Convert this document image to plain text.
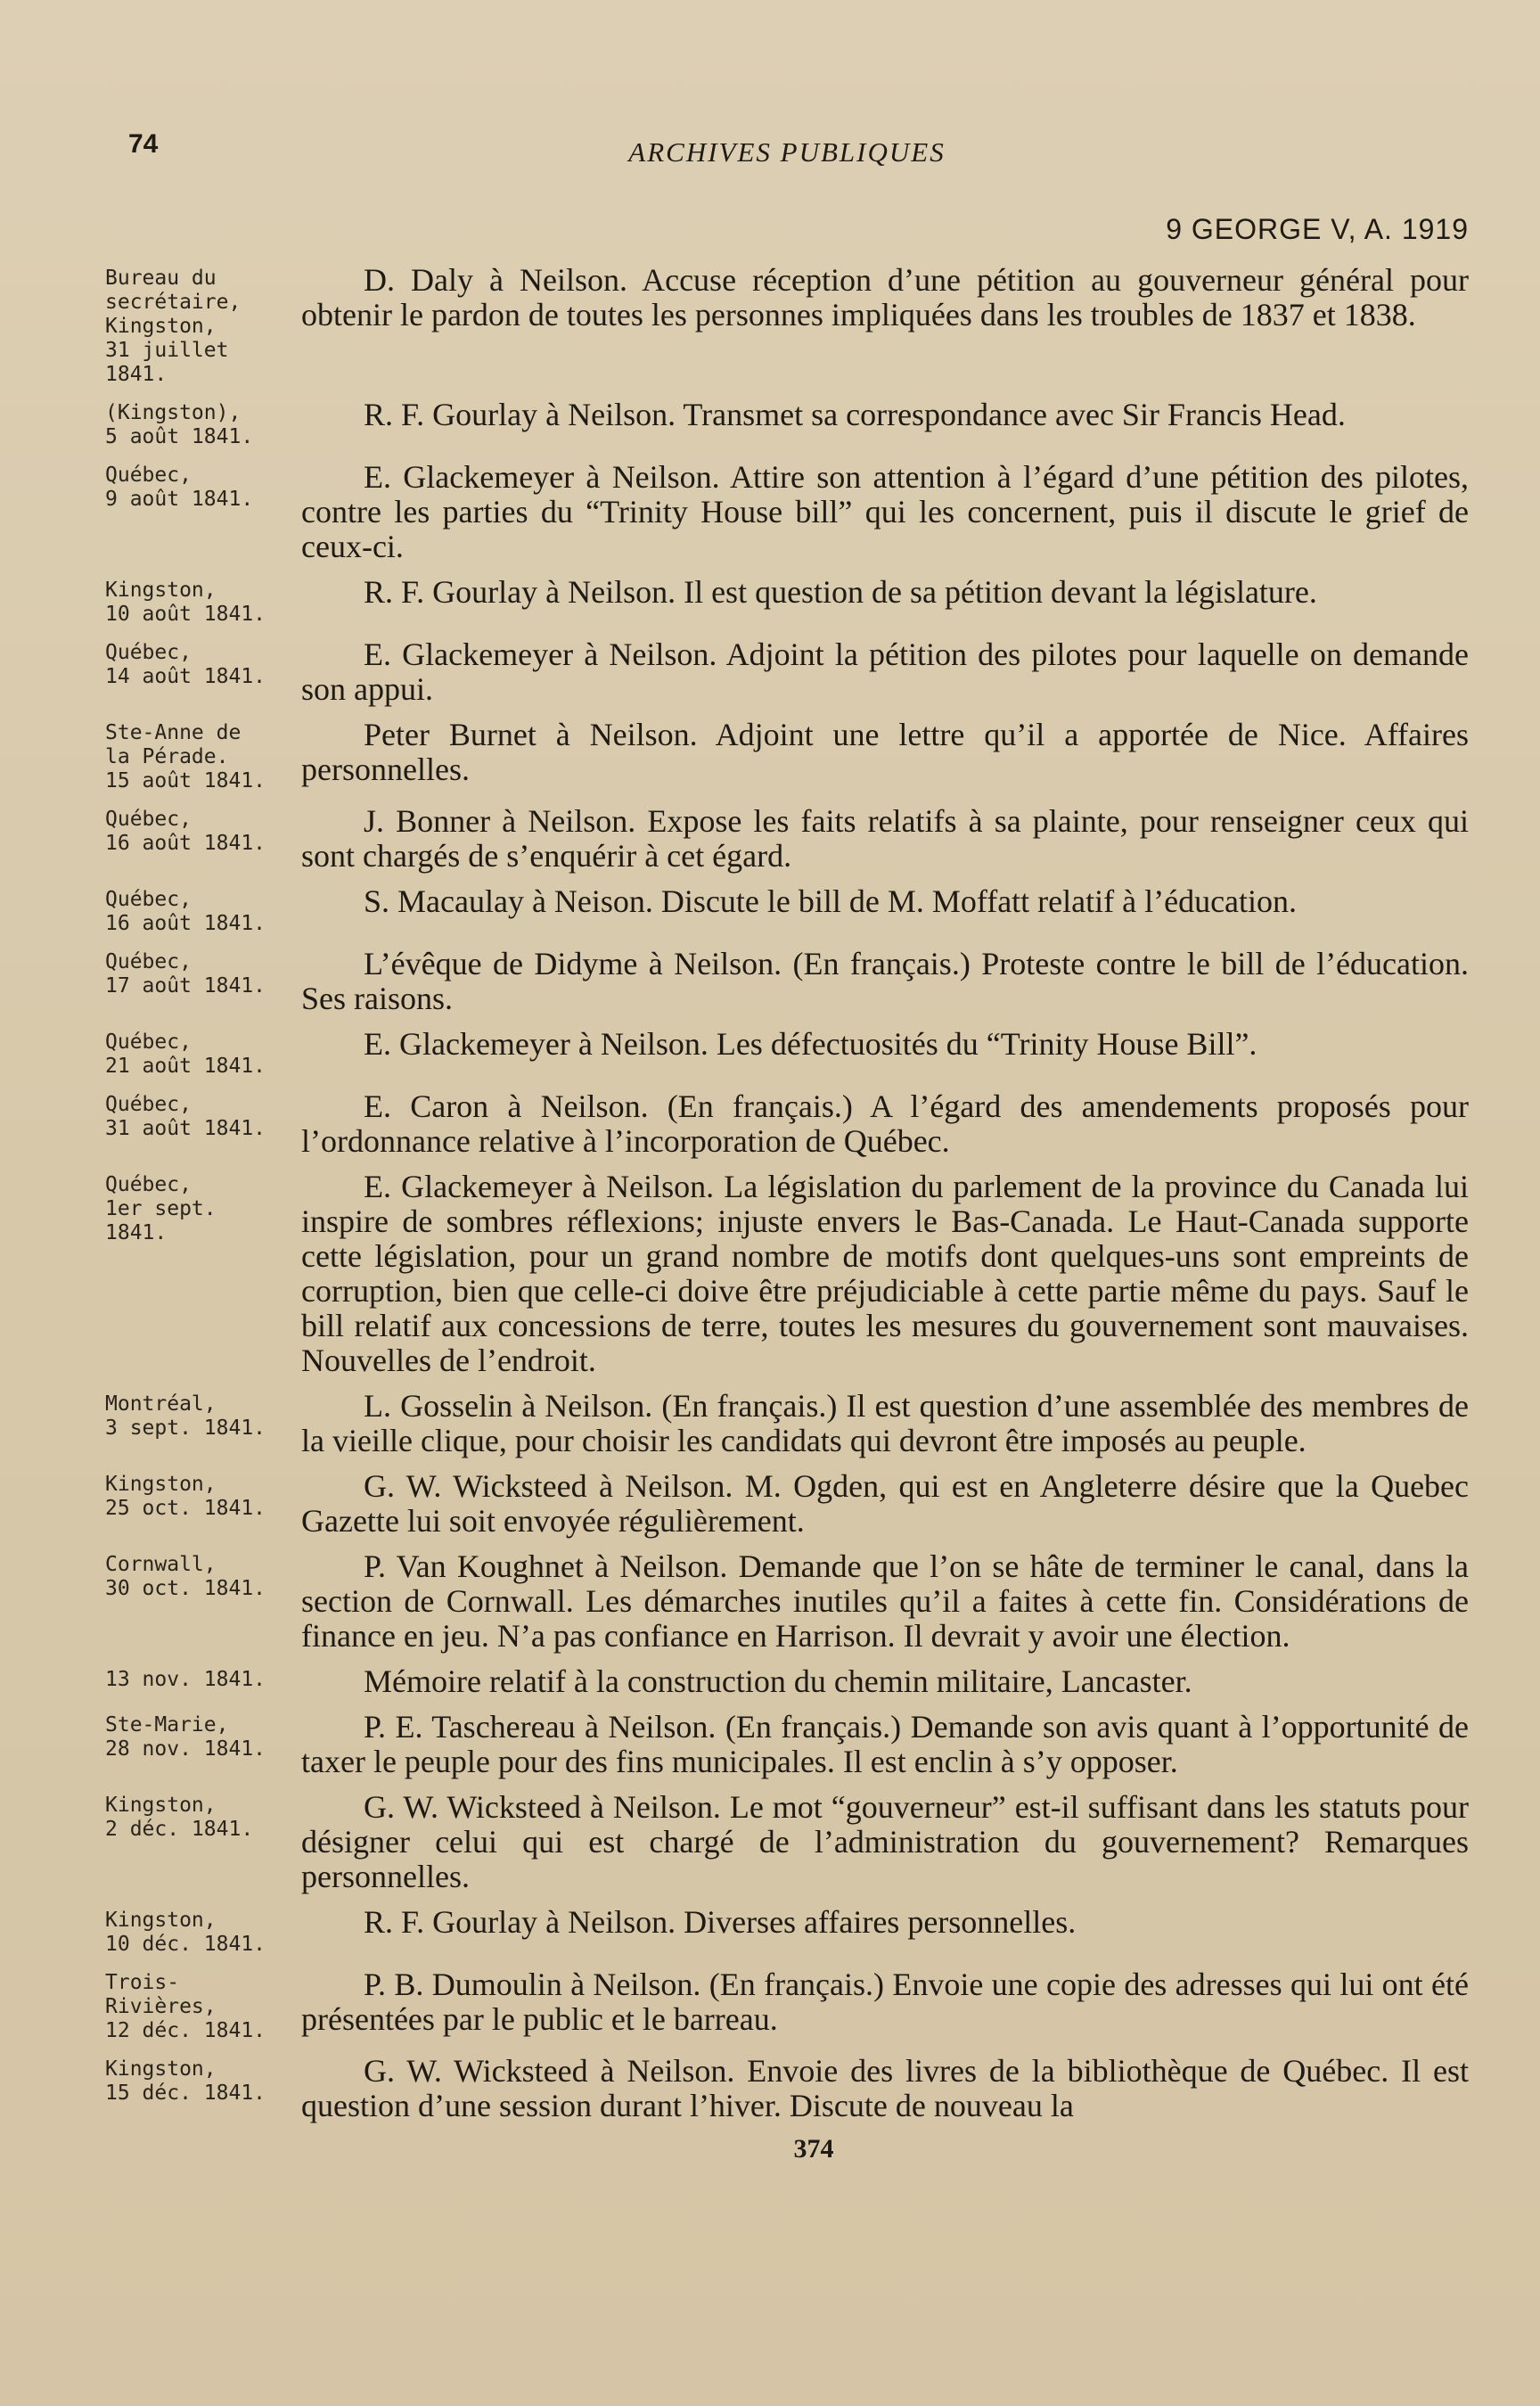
74	ARCHIVES PUBLIQUES
9 GEORGE V, A. 1919
Bureau du
secrétaire,
Kingston,
31 juillet
1841.
D. Daly à Neilson. Accuse réception d’une pétition au gouverneur général pour obtenir le pardon de toutes les personnes impliquées dans les troubles de 1837 et 1838.
(Kingston),
5 août 1841.
R. F. Gourlay à Neilson. Transmet sa correspondance avec Sir Francis Head.
Québec,
9 août 1841.
E. Glackemeyer à Neilson. Attire son attention à l’égard d’une pétition des pilotes, contre les parties du “Trinity House bill” qui les concernent, puis il discute le grief de ceux-ci.
Kingston,
10 août 1841.
R. F. Gourlay à Neilson. Il est question de sa pétition devant la législature.
Québec,
14 août 1841.
E. Glackemeyer à Neilson. Adjoint la pétition des pilotes pour laquelle on demande son appui.
Ste-Anne de
la Pérade.
15 août 1841.
Peter Burnet à Neilson. Adjoint une lettre qu’il a apportée de Nice. Affaires personnelles.
Québec,
16 août 1841.
J. Bonner à Neilson. Expose les faits relatifs à sa plainte, pour renseigner ceux qui sont chargés de s’enquérir à cet égard.
Québec,
16 août 1841.
S. Macaulay à Neison. Discute le bill de M. Moffatt relatif à l’éducation.
Québec,
17 août 1841.
L’évêque de Didyme à Neilson. (En français.) Proteste contre le bill de l’éducation. Ses raisons.
Québec,
21 août 1841.
E. Glackemeyer à Neilson. Les défectuosités du “Trinity House Bill”.
Québec,
31 août 1841.
E. Caron à Neilson. (En français.) A l’égard des amendements proposés pour l’ordonnance relative à l’incorporation de Québec.
Québec,
1er sept.
1841.
E. Glackemeyer à Neilson. La législation du parlement de la province du Canada lui inspire de sombres réflexions; injuste envers le Bas-Canada. Le Haut-Canada supporte cette législation, pour un grand nombre de motifs dont quelques-uns sont empreints de corruption, bien que celle-ci doive être préjudiciable à cette partie même du pays. Sauf le bill relatif aux concessions de terre, toutes les mesures du gouvernement sont mauvaises. Nouvelles de l’endroit.
Montréal,
3 sept. 1841.
L. Gosselin à Neilson. (En français.) Il est question d’une assemblée des membres de la vieille clique, pour choisir les candidats qui devront être imposés au peuple.
Kingston,
25 oct. 1841.
G. W. Wicksteed à Neilson. M. Ogden, qui est en Angleterre désire que la Quebec Gazette lui soit envoyée régulièrement.
Cornwall,
30 oct. 1841.
P. Van Koughnet à Neilson. Demande que l’on se hâte de terminer le canal, dans la section de Cornwall. Les démarches inutiles qu’il a faites à cette fin. Considérations de finance en jeu. N’a pas confiance en Harrison. Il devrait y avoir une élection.
13 nov. 1841.	Mémoire relatif à la construction du chemin militaire, Lancaster.
Ste-Marie,
28 nov. 1841.
P. E. Taschereau à Neilson. (En français.) Demande son avis quant à l’opportunité de taxer le peuple pour des fins municipales. Il est enclin à s’y opposer.
Kingston,
2 déc. 1841.
G. W. Wicksteed à Neilson. Le mot “gouverneur” est-il suffisant dans les statuts pour désigner celui qui est chargé de l’administration du gouvernement? Remarques personnelles.
Kingston,
10 déc. 1841.
R. F. Gourlay à Neilson. Diverses affaires personnelles.
Trois-
Rivières,
12 déc. 1841.
P. B. Dumoulin à Neilson. (En français.) Envoie une copie des adresses qui lui ont été présentées par le public et le barreau.
Kingston,
15 déc. 1841.
G. W. Wicksteed à Neilson. Envoie des livres de la bibliothèque de Québec. Il est question d’une session durant l’hiver. Discute de nouveau la
374
